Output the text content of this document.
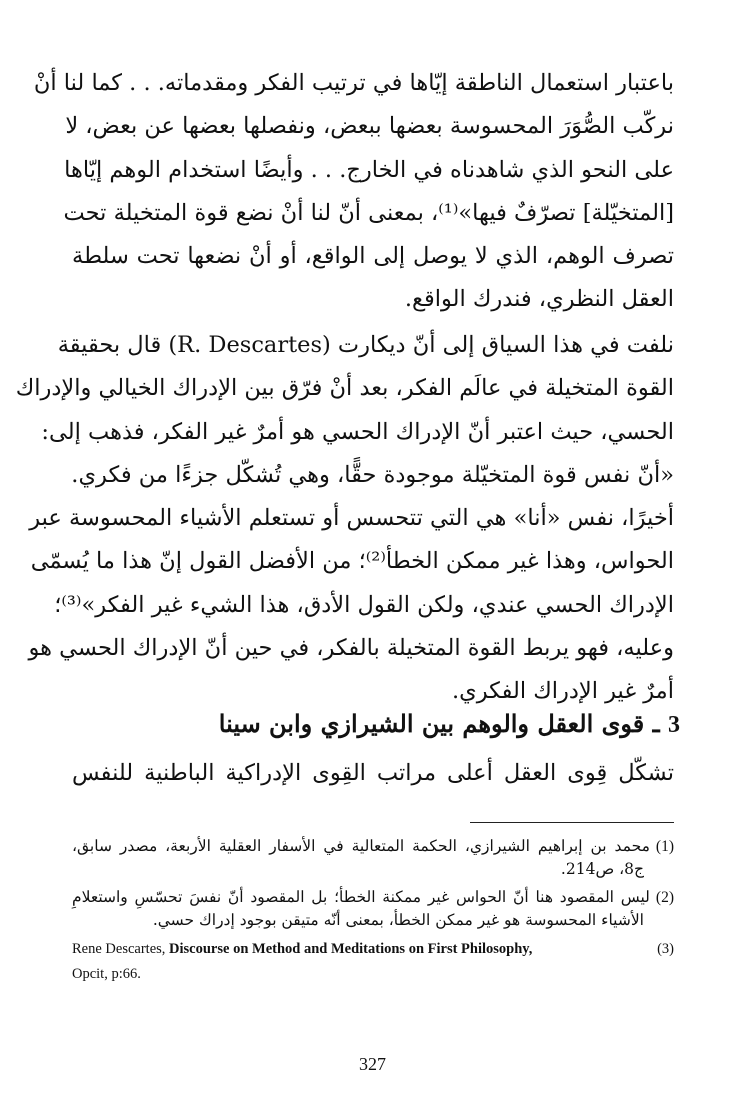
باعتبار استعمال الناطقة إيّاها في ترتيب الفكر ومقدماته. . . كما لنا أنْ
نركّب الصُّوَرَ المحسوسة بعضها ببعض، ونفصلها بعضها عن بعض، لا
على النحو الذي شاهدناه في الخارج. . . وأيضًا استخدام الوهم إيّاها
[المتخيّلة] تصرّفٌ فيها»⁽¹⁾، بمعنى أنّ لنا أنْ نضع قوة المتخيلة تحت
تصرف الوهم، الذي لا يوصل إلى الواقع، أو أنْ نضعها تحت سلطة
العقل النظري، فندرك الواقع.
نلفت في هذا السياق إلى أنّ ديكارت (R. Descartes) قال بحقيقة
القوة المتخيلة في عالَم الفكر، بعد أنْ فرّق بين الإدراك الخيالي والإدراك
الحسي، حيث اعتبر أنّ الإدراك الحسي هو أمرٌ غير الفكر، فذهب إلى:
«أنّ نفس قوة المتخيّلة موجودة حقًّا، وهي تُشكّل جزءًا من فكري.
أخيرًا، نفس «أنا» هي التي تتحسس أو تستعلم الأشياء المحسوسة عبر
الحواس، وهذا غير ممكن الخطأ⁽²⁾؛ من الأفضل القول إنّ هذا ما يُسمّى
الإدراك الحسي عندي، ولكن القول الأدق، هذا الشيء غير الفكر»⁽³⁾؛
وعليه، فهو يربط القوة المتخيلة بالفكر، في حين أنّ الإدراك الحسي هو
أمرٌ غير الإدراك الفكري.
3 ـ قوى العقل والوهم بين الشيرازي وابن سينا
تشكّل قِوى العقل أعلى مراتب القِوى الإدراكية الباطنية للنفس
(1)محمد بن إبراهيم الشيرازي، الحكمة المتعالية في الأسفار العقلية الأربعة، مصدر سابق،
ج8، ص214.
(2)ليس المقصود هنا أنّ الحواس غير ممكنة الخطأ؛ بل المقصود أنّ نفسَ تحسّسِ واستعلامِ
الأشياء المحسوسة هو غير ممكن الخطأ، بمعنى أنّه متيقن بوجود إدراك حسي.
(3)
Rene Descartes, Discourse on Method and Meditations on First Philosophy,
Opcit, p:66.
327
